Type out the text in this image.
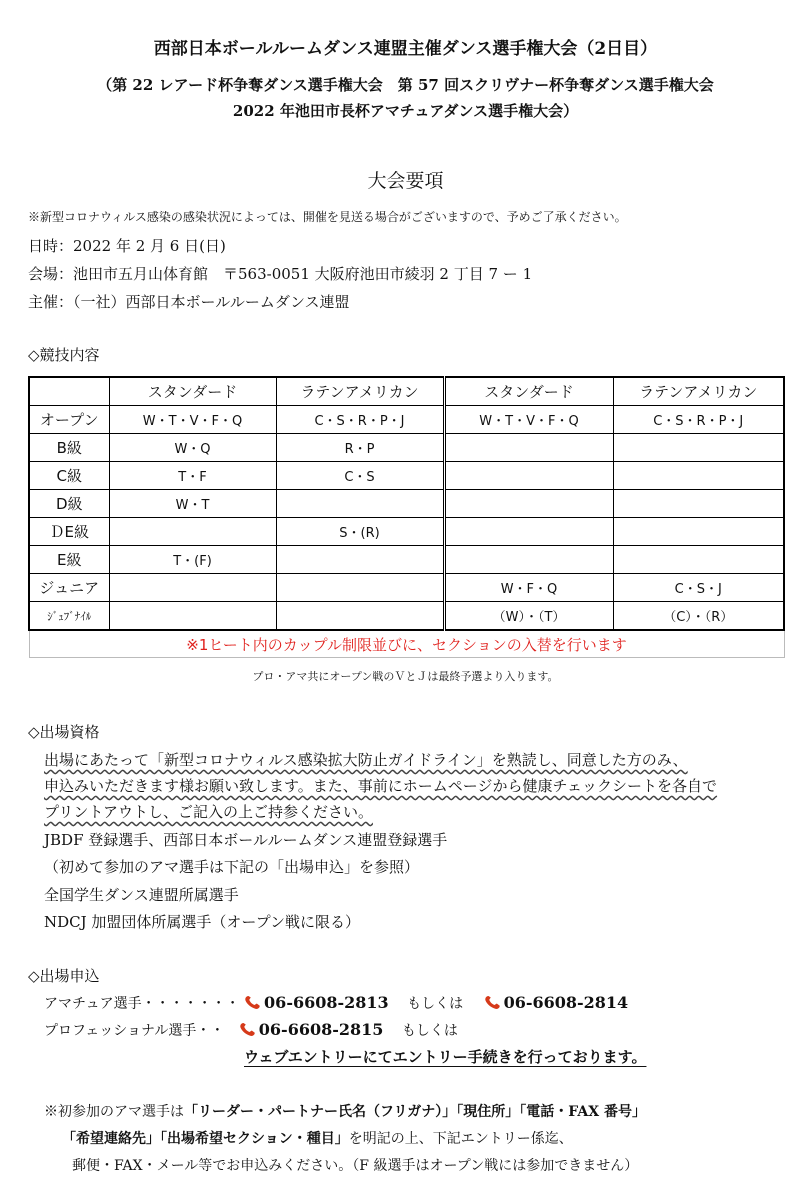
西部日本ボールルームダンス連盟主催ダンス選手権大会（2日目）
（第 22 レアード杯争奪ダンス選手権大会　第 57 回スクリヴナー杯争奪ダンス選手権大会
2022 年池田市長杯アマチュアダンス選手権大会）
大会要項
※新型コロナウィルス感染の感染状況によっては、開催を見送る場合がございますので、予めご了承ください。
日時：2022 年 2 月 6 日(日)
会場：池田市五月山体育館　〒563-0051 大阪府池田市綾羽 2 丁目 7 ー 1
主催：（一社）西部日本ボールルームダンス連盟
◇競技内容
	スタンダード	ラテンアメリカン	スタンダード	ラテンアメリカン
オープン	W・T・V・F・Q	C・S・R・P・J	W・T・V・F・Q	C・S・R・P・J
B級	W・Q	R・P		
C級	T・F	C・S		
D級	W・T			
ＤE級		S・(R)		
E級	T・(F)			
ジュニア			W・F・Q	C・S・J
ｼﾞｭﾌﾞﾅｲﾙ			（W）・（T）	（C）・（R）
※1ヒート内のカップル制限並びに、セクションの入替を行います				
プロ・アマ共にオープン戦のＶとＪは最終予選より入ります。
◇出場資格
出場にあたって「新型コロナウィルス感染拡大防止ガイドライン」を熟読し、同意した方のみ、
申込みいただきます様お願い致します。また、事前にホームページから健康チェックシートを各自で
プリントアウトし、ご記入の上ご持参ください。
JBDF 登録選手、西部日本ボールルームダンス連盟登録選手
（初めて参加のアマ選手は下記の「出場申込」を参照）
全国学生ダンス連盟所属選手
NDCJ 加盟団体所属選手（オープン戦に限る）
◇出場申込
アマチュア選手・・・・・・・ 06-6608-2813 もしくは	06-6608-2814
プロフェッショナル選手・・ 06-6608-2815 もしくは
ウェブエントリーにてエントリー手続きを行っております。
※初参加のアマ選手は「リーダー・パートナー氏名（フリガナ）」「現住所」「電話・FAX 番号」
「希望連絡先」「出場希望セクション・種目」を明記の上、下記エントリー係迄、
郵便・FAX・メール等でお申込みください。（F 級選手はオープン戦には参加できません）
